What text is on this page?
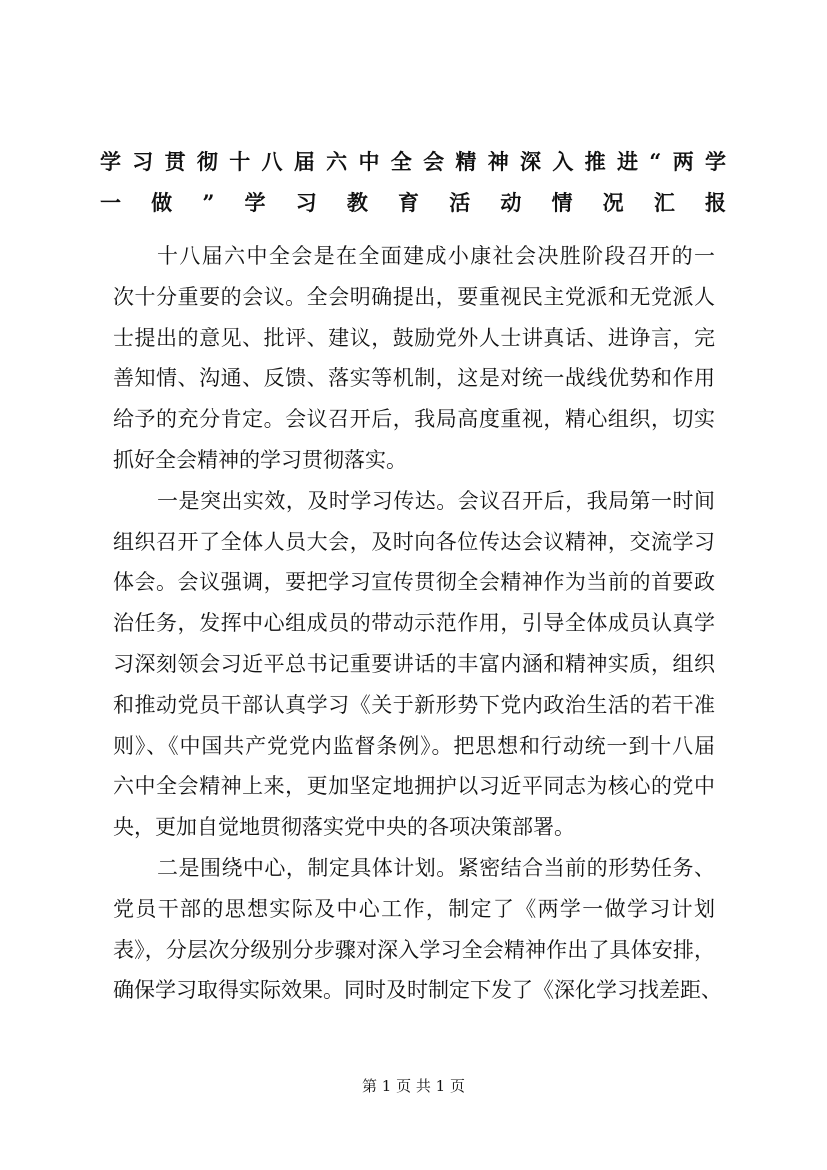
学习贯彻十八届六中全会精神深入推进“两学
一做”学习教育活动情况汇报
十八届六中全会是在全面建成小康社会决胜阶段召开的一
次十分重要的会议。全会明确提出，要重视民主党派和无党派人
士提出的意见、批评、建议，鼓励党外人士讲真话、进诤言，完
善知情、沟通、反馈、落实等机制，这是对统一战线优势和作用
给予的充分肯定。会议召开后，我局高度重视，精心组织，切实
抓好全会精神的学习贯彻落实。
一是突出实效，及时学习传达。会议召开后，我局第一时间
组织召开了全体人员大会，及时向各位传达会议精神，交流学习
体会。会议强调，要把学习宣传贯彻全会精神作为当前的首要政
治任务，发挥中心组成员的带动示范作用，引导全体成员认真学
习深刻领会习近平总书记重要讲话的丰富内涵和精神实质，组织
和推动党员干部认真学习《关于新形势下党内政治生活的若干准
则》、《中国共产党党内监督条例》。把思想和行动统一到十八届
六中全会精神上来，更加坚定地拥护以习近平同志为核心的党中
央，更加自觉地贯彻落实党中央的各项决策部署。
二是围绕中心，制定具体计划。紧密结合当前的形势任务、
党员干部的思想实际及中心工作，制定了《两学一做学习计划
表》，分层次分级别分步骤对深入学习全会精神作出了具体安排，
确保学习取得实际效果。同时及时制定下发了《深化学习找差距、
第 1 页 共 1 页
